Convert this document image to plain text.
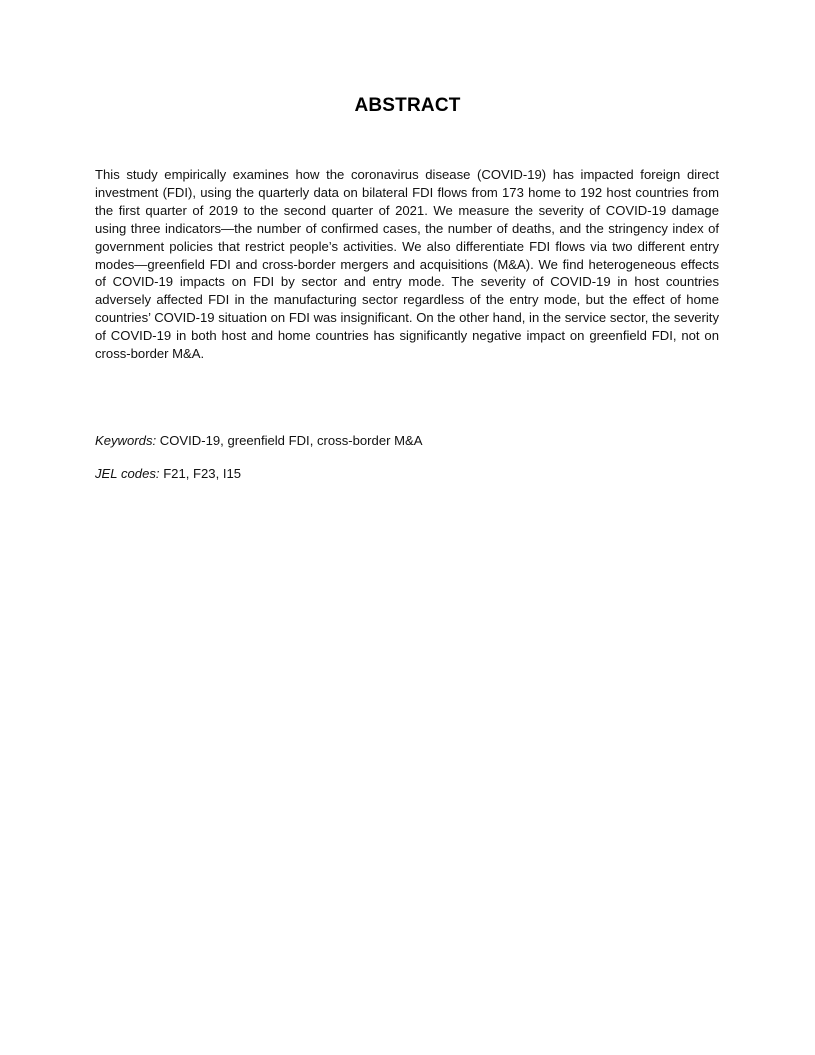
ABSTRACT

This study empirically examines how the coronavirus disease (COVID-19) has impacted foreign direct investment (FDI), using the quarterly data on bilateral FDI flows from 173 home to 192 host countries from the first quarter of 2019 to the second quarter of 2021. We measure the severity of COVID-19 damage using three indicators—the number of confirmed cases, the number of deaths, and the stringency index of government policies that restrict people’s activities. We also differentiate FDI flows via two different entry modes—greenfield FDI and cross-border mergers and acquisitions (M&A). We find heterogeneous effects of COVID-19 impacts on FDI by sector and entry mode. The severity of COVID-19 in host countries adversely affected FDI in the manufacturing sector regardless of the entry mode, but the effect of home countries’ COVID-19 situation on FDI was insignificant. On the other hand, in the service sector, the severity of COVID-19 in both host and home countries has significantly negative impact on greenfield FDI, not on cross-border M&A.

Keywords: COVID-19, greenfield FDI, cross-border M&A

JEL codes: F21, F23, I15
